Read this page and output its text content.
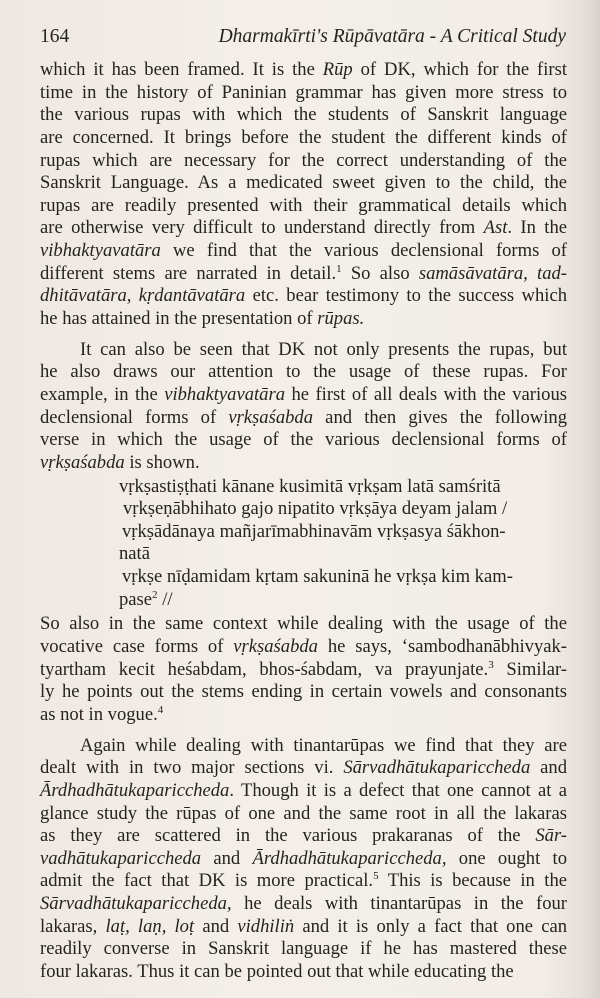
164	Dharmakīrti's Rūpāvatāra - A Critical Study
which it has been framed. It is the Rūp of DK, which for the first
time in the history of Paninian grammar has given more stress to
the various rupas with which the students of Sanskrit language
are concerned. It brings before the student the different kinds of
rupas which are necessary for the correct understanding of the
Sanskrit Language. As a medicated sweet given to the child, the
rupas are readily presented with their grammatical details which
are otherwise very difficult to understand directly from Ast. In the
vibhaktyavatāra we find that the various declensional forms of
different stems are narrated in detail.$^1$ So also samāsāvatāra, tad-
dhitāvatāra, kṛdantāvatāra etc. bear testimony to the success which
he has attained in the presentation of rūpas.
It can also be seen that DK not only presents the rupas, but
he also draws our attention to the usage of these rupas. For
example, in the vibhaktyavatāra he first of all deals with the various
declensional forms of vṛkṣaśabda and then gives the following
verse in which the usage of the various declensional forms of
vṛkṣaśabda is shown.
vṛkṣastiṣṭhati kānane kusimitā vṛkṣam latā samśritā
vṛkṣeṇābhihato gajo nipatito vṛkṣāya deyam jalam /
vṛkṣādānaya mañjarīmabhinavām vṛkṣasya śākhon-
natā
vṛkṣe nīḍamidam kṛtam sakuninā he vṛkṣa kim kam-
pase$^2$ //
So also in the same context while dealing with the usage of the
vocative case forms of vṛkṣaśabda he says, ‘sambodhanābhivyak-
tyartham kecit heśabdam, bhos-śabdam, va prayunjate.$^3$ Similar-
ly he points out the stems ending in certain vowels and consonants
as not in vogue.$^4$
Again while dealing with tinantarūpas we find that they are
dealt with in two major sections vi. Sārvadhātukapariccheda and
Ārdhadhātukapariccheda. Though it is a defect that one cannot at a
glance study the rūpas of one and the same root in all the lakaras
as they are scattered in the various prakaranas of the Sār-
vadhātukapariccheda and Ārdhadhātukapariccheda, one ought to
admit the fact that DK is more practical.$^5$ This is because in the
Sārvadhātukapariccheda, he deals with tinantarūpas in the four
lakaras, laṭ, laṇ, loṭ and vidhiliṅ and it is only a fact that one can
readily converse in Sanskrit language if he has mastered these
four lakaras. Thus it can be pointed out that while educating the
